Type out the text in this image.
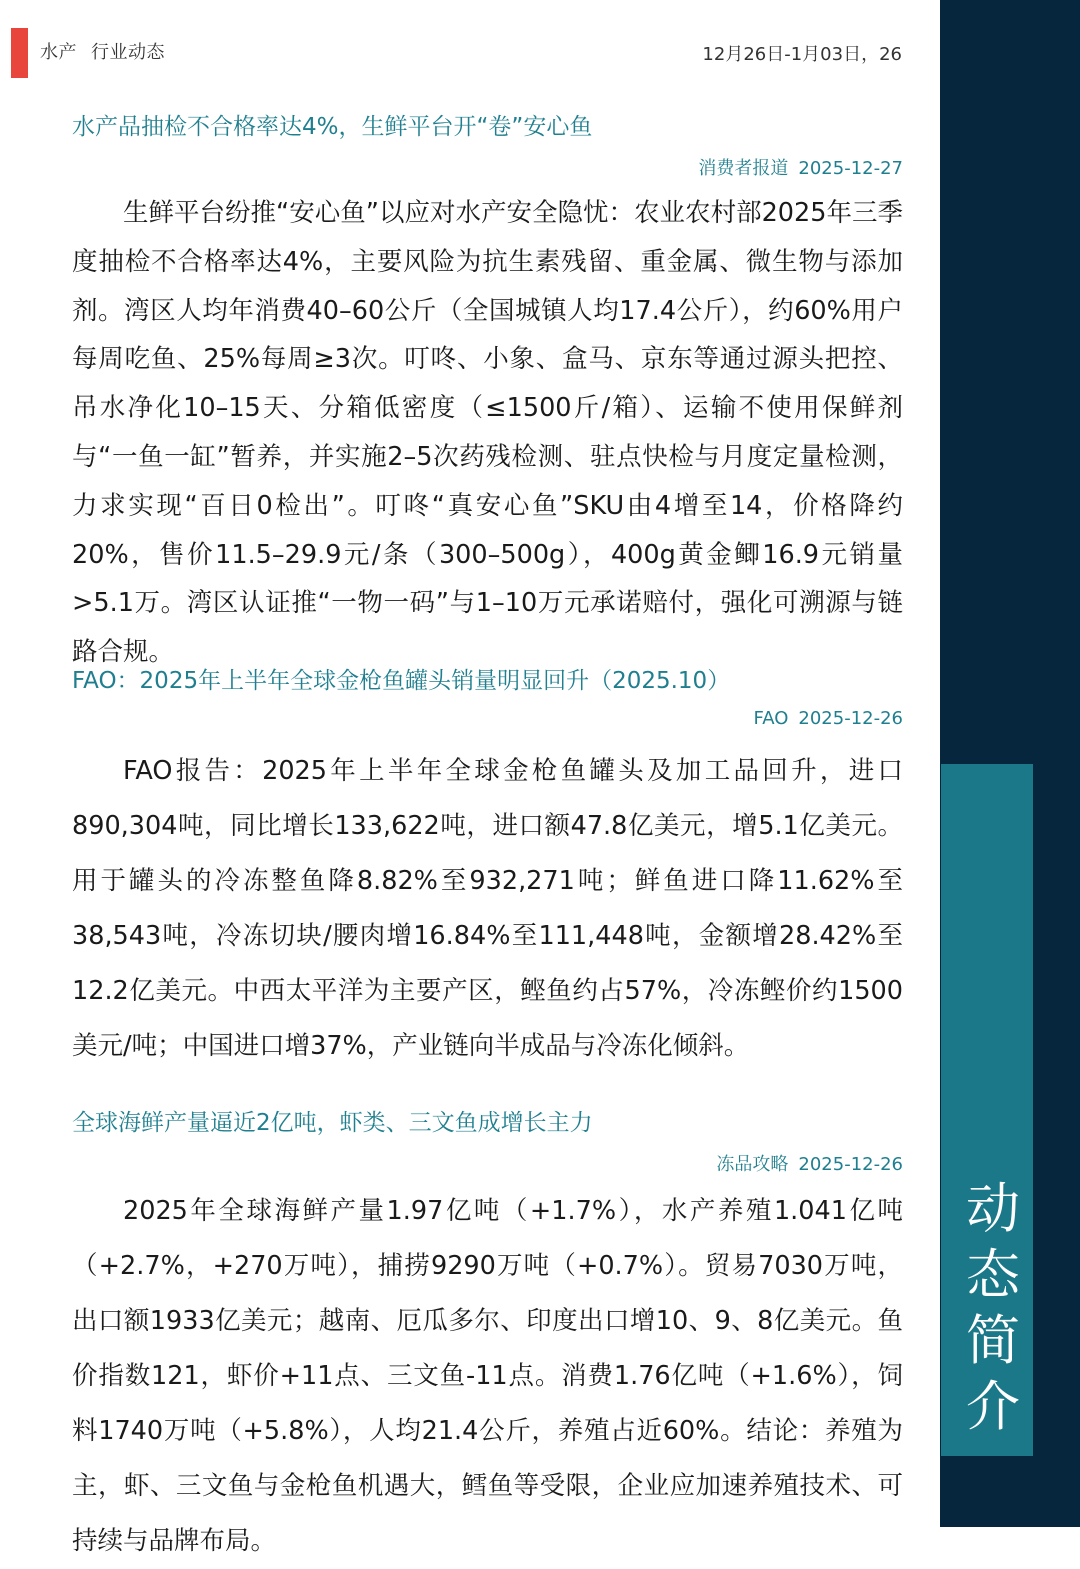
水产 行业动态	12月26日-1月03日，26
水产品抽检不合格率达4%，生鲜平台开“卷”安心鱼
消费者报道 2025-12-27

生鲜平台纷推“安心鱼”以应对水产安全隐忧：农业农村部2025年三季度抽检不合格率达4%，主要风险为抗生素残留、重金属、微生物与添加剂。湾区人均年消费40–60公斤（全国城镇人均17.4公斤），约60%用户每周吃鱼、25%每周≥3次。叮咚、小象、盒马、京东等通过源头把控、吊水净化10–15天、分箱低密度（≤1500斤/箱）、运输不使用保鲜剂与“一鱼一缸”暂养，并实施2–5次药残检测、驻点快检与月度定量检测，力求实现“百日0检出”。叮咚“真安心鱼”SKU由4增至14，价格降约20%，售价11.5–29.9元/条（300–500g），400g黄金鲫16.9元销量>5.1万。湾区认证推“一物一码”与1–10万元承诺赔付，强化可溯源与链路合规。

FAO：2025年上半年全球金枪鱼罐头销量明显回升（2025.10）
FAO 2025-12-26

FAO报告：2025年上半年全球金枪鱼罐头及加工品回升，进口890,304吨，同比增长133,622吨，进口额47.8亿美元，增5.1亿美元。用于罐头的冷冻整鱼降8.82%至932,271吨；鲜鱼进口降11.62%至38,543吨，冷冻切块/腰肉增16.84%至111,448吨，金额增28.42%至12.2亿美元。中西太平洋为主要产区，鲣鱼约占57%，冷冻鲣价约1500美元/吨；中国进口增37%，产业链向半成品与冷冻化倾斜。

全球海鲜产量逼近2亿吨，虾类、三文鱼成增长主力
冻品攻略 2025-12-26

2025年全球海鲜产量1.97亿吨（+1.7%），水产养殖1.041亿吨（+2.7%，+270万吨），捕捞9290万吨（+0.7%）。贸易7030万吨，出口额1933亿美元；越南、厄瓜多尔、印度出口增10、9、8亿美元。鱼价指数121，虾价+11点、三文鱼-11点。消费1.76亿吨（+1.6%），饲料1740万吨（+5.8%），人均21.4公斤，养殖占近60%。结论：养殖为主，虾、三文鱼与金枪鱼机遇大，鳕鱼等受限，企业应加速养殖技术、可持续与品牌布局。

动
态
简
介
